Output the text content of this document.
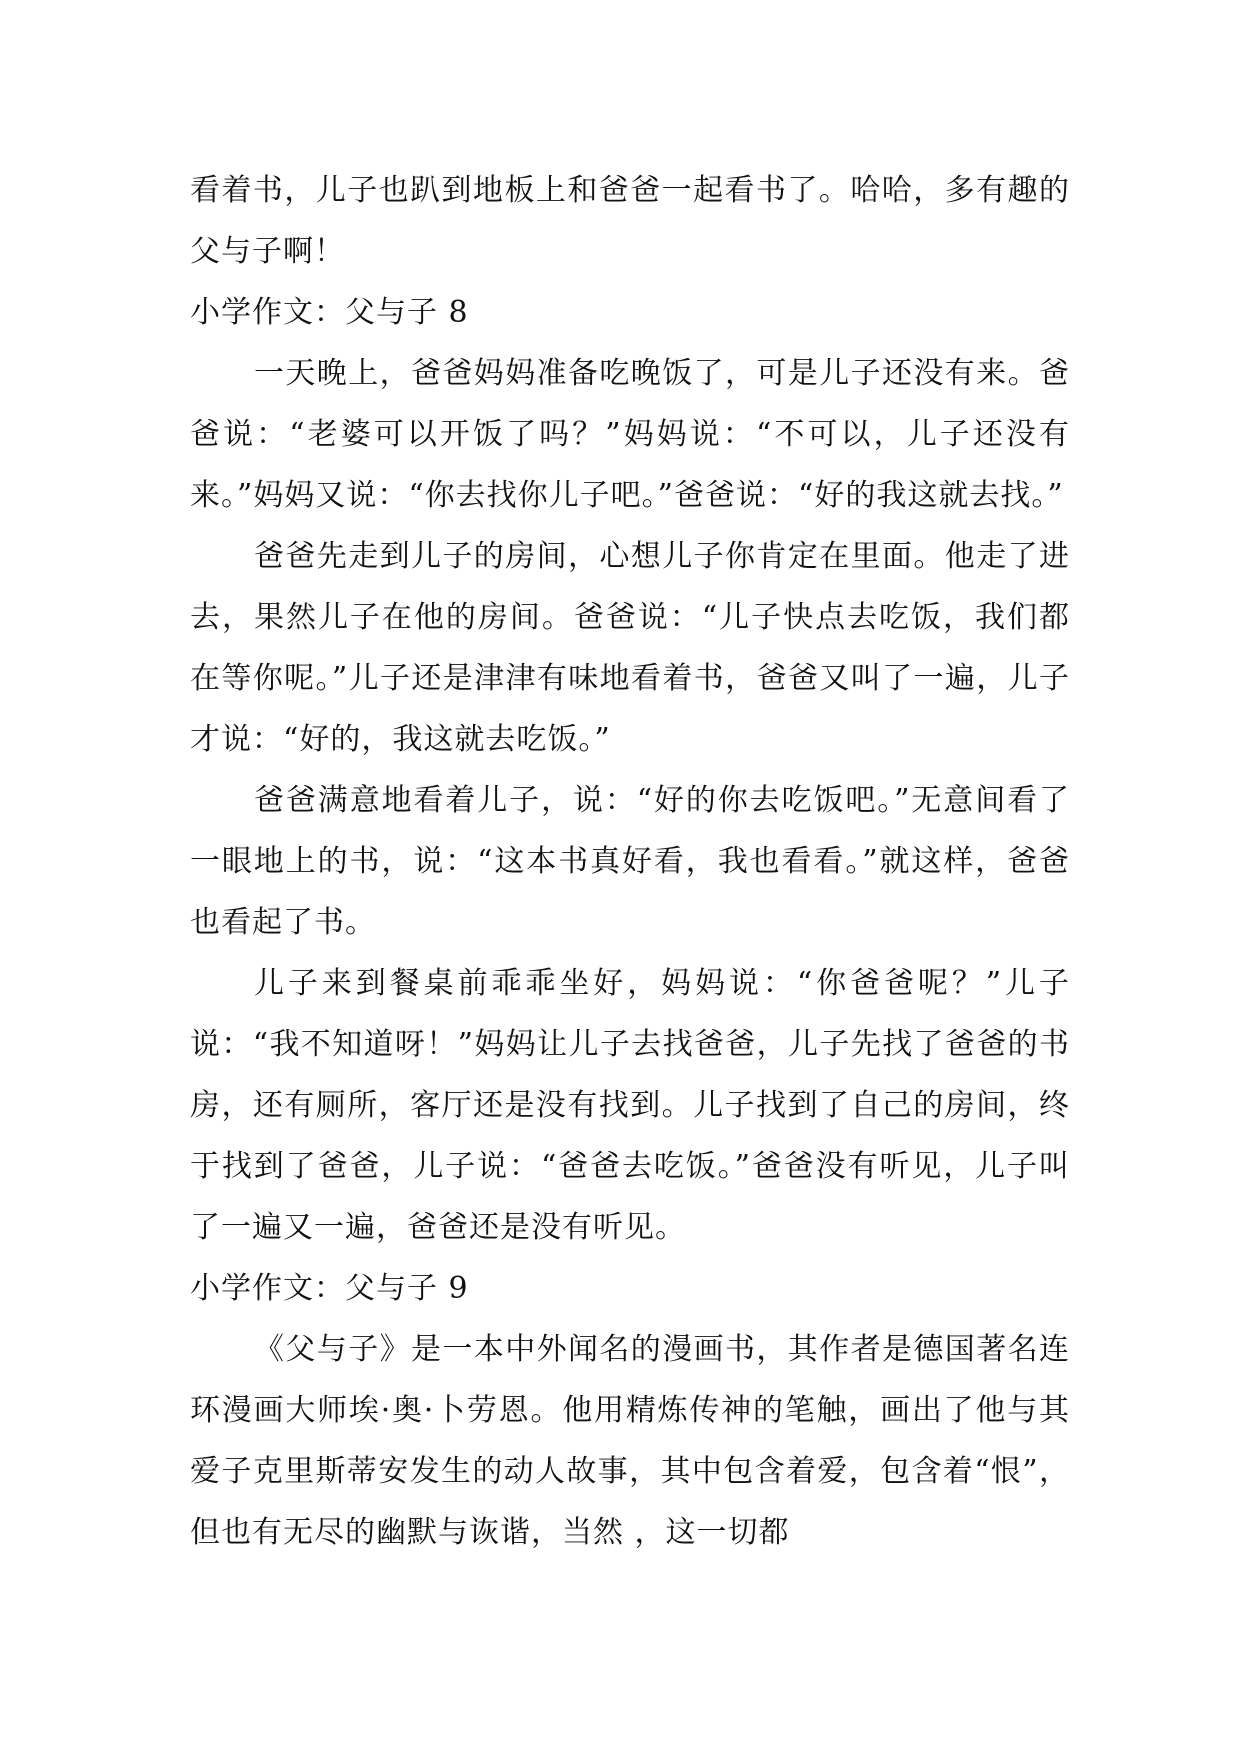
看着书，儿子也趴到地板上和爸爸一起看书了。哈哈，多有趣的父与子啊！

小学作文：父与子 8

一天晚上，爸爸妈妈准备吃晚饭了，可是儿子还没有来。爸爸说：“老婆可以开饭了吗？”妈妈说：“不可以，儿子还没有来。”妈妈又说：“你去找你儿子吧。”爸爸说：“好的我这就去找。”

爸爸先走到儿子的房间，心想儿子你肯定在里面。他走了进去，果然儿子在他的房间。爸爸说：“儿子快点去吃饭，我们都在等你呢。”儿子还是津津有味地看着书，爸爸又叫了一遍，儿子才说：“好的，我这就去吃饭。”

爸爸满意地看着儿子，说：“好的你去吃饭吧。”无意间看了一眼地上的书，说：“这本书真好看，我也看看。”就这样，爸爸也看起了书。

儿子来到餐桌前乖乖坐好，妈妈说：“你爸爸呢？”儿子说：“我不知道呀！”妈妈让儿子去找爸爸，儿子先找了爸爸的书房，还有厕所，客厅还是没有找到。儿子找到了自己的房间，终于找到了爸爸，儿子说：“爸爸去吃饭。”爸爸没有听见，儿子叫了一遍又一遍，爸爸还是没有听见。

小学作文：父与子 9

《父与子》是一本中外闻名的漫画书，其作者是德国著名连环漫画大师埃·奥·卜劳恩。他用精炼传神的笔触，画出了他与其爱子克里斯蒂安发生的动人故事，其中包含着爱，包含着“恨”，但也有无尽的幽默与诙谐，当然 ，这一切都
